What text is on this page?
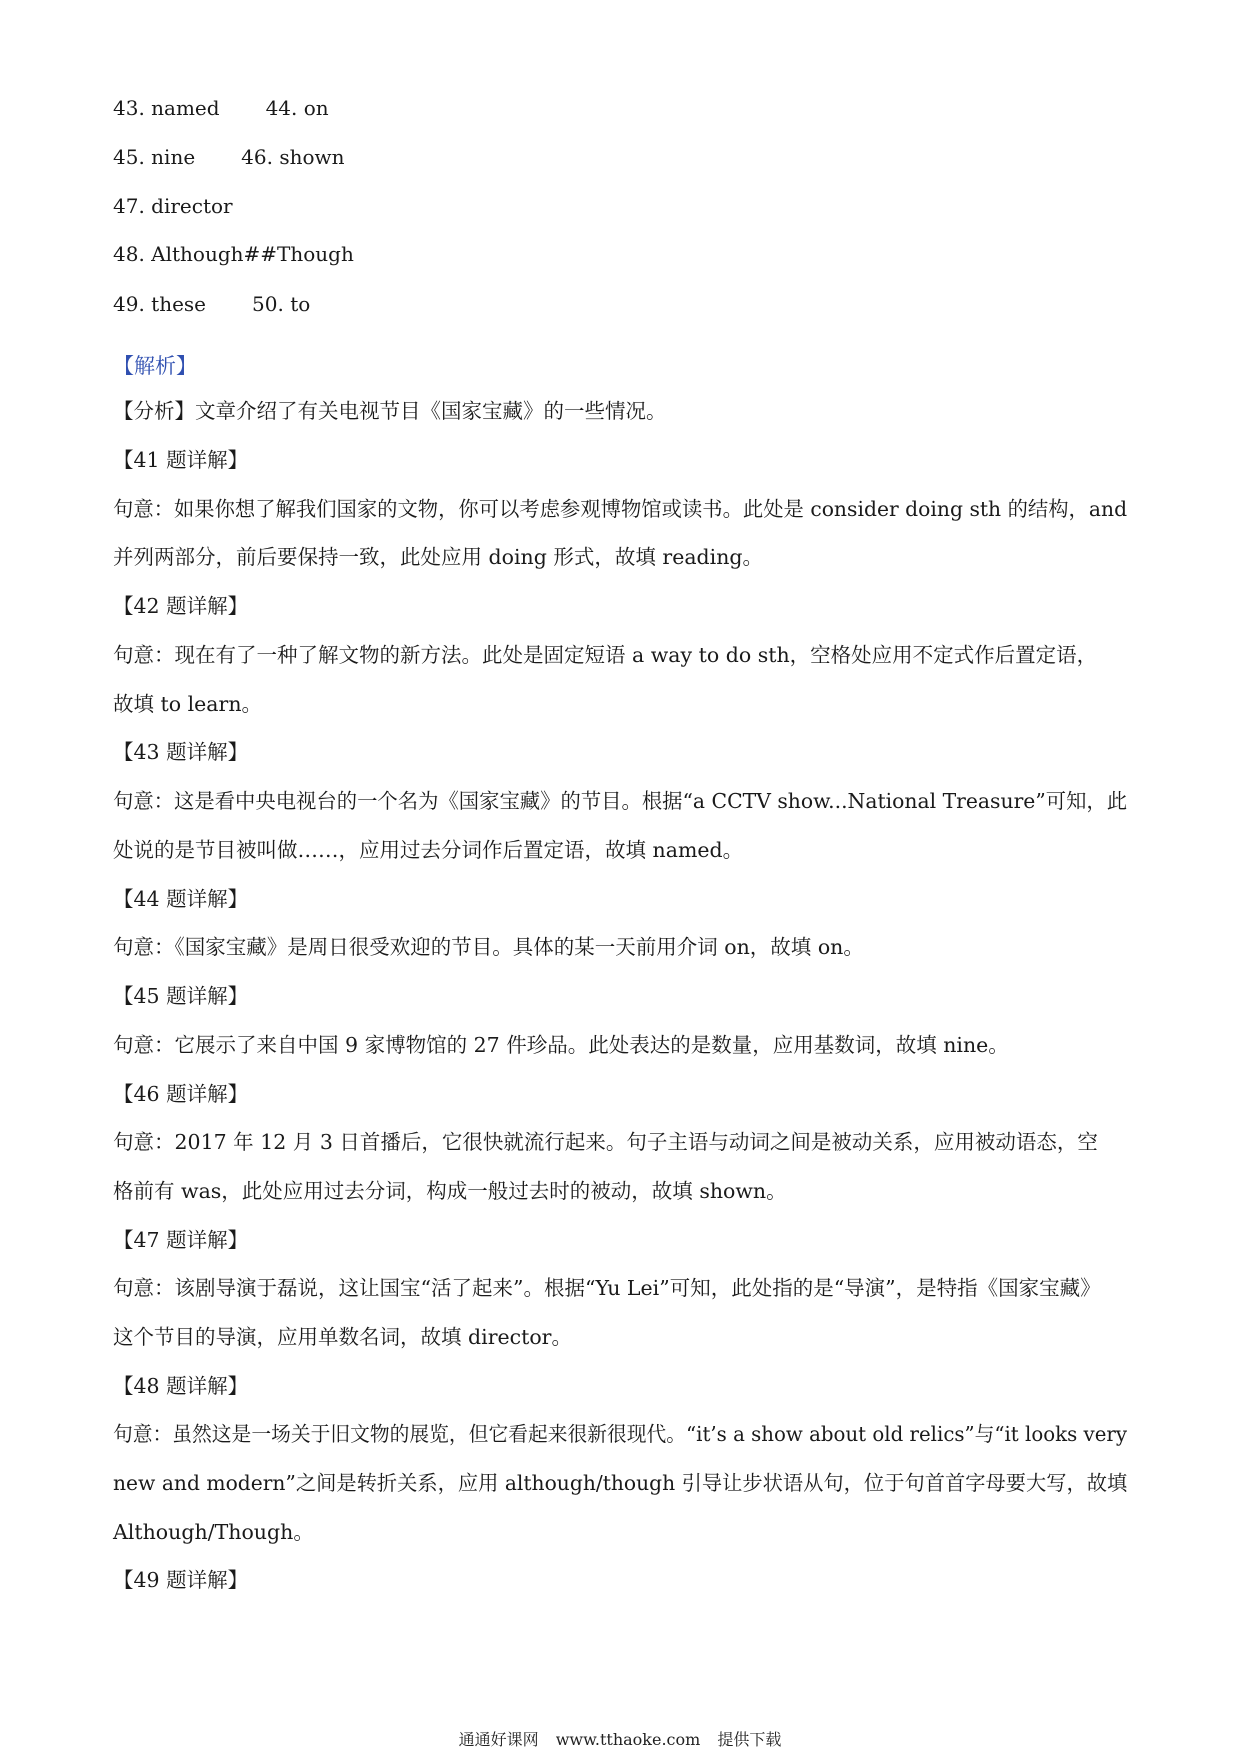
43. named 44. on
45. nine 46. shown
47. director
48. Although##Though
49. these 50. to
【解析】
【分析】文章介绍了有关电视节目《国家宝藏》的一些情况。
【41 题详解】
句意：如果你想了解我们国家的文物，你可以考虑参观博物馆或读书。此处是 consider doing sth 的结构，and
并列两部分，前后要保持一致，此处应用 doing 形式，故填 reading。
【42 题详解】
句意：现在有了一种了解文物的新方法。此处是固定短语 a way to do sth，空格处应用不定式作后置定语，
故填 to learn。
【43 题详解】
句意：这是看中央电视台的一个名为《国家宝藏》的节目。根据“a CCTV show...National Treasure”可知，此
处说的是节目被叫做……，应用过去分词作后置定语，故填 named。
【44 题详解】
句意：《国家宝藏》是周日很受欢迎的节目。具体的某一天前用介词 on，故填 on。
【45 题详解】
句意：它展示了来自中国 9 家博物馆的 27 件珍品。此处表达的是数量，应用基数词，故填 nine。
【46 题详解】
句意：2017 年 12 月 3 日首播后，它很快就流行起来。句子主语与动词之间是被动关系，应用被动语态，空
格前有 was，此处应用过去分词，构成一般过去时的被动，故填 shown。
【47 题详解】
句意：该剧导演于磊说，这让国宝“活了起来”。根据“Yu Lei”可知，此处指的是“导演”，是特指《国家宝藏》
这个节目的导演，应用单数名词，故填 director。
【48 题详解】
句意：虽然这是一场关于旧文物的展览，但它看起来很新很现代。“it’s a show about old relics”与“it looks very
new and modern”之间是转折关系，应用 although/though 引导让步状语从句，位于句首首字母要大写，故填
Although/Though。
【49 题详解】
通通好课网 www.tthaoke.com 提供下载
